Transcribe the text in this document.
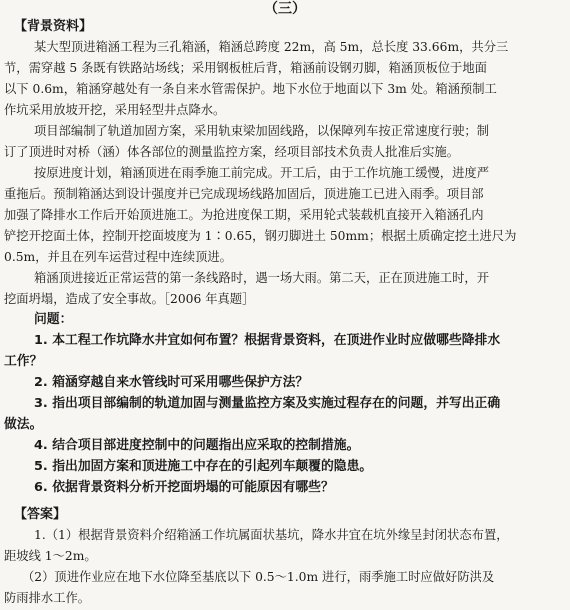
（三）
【背景资料】
某大型顶进箱涵工程为三孔箱涵，箱涵总跨度 22m，高 5m，总长度 33.66m，共分三
节，需穿越 5 条既有铁路站场线；采用钢板桩后背，箱涵前设钢刃脚，箱涵顶板位于地面
以下 0.6m，箱涵穿越处有一条自来水管需保护。地下水位于地面以下 3m 处。箱涵预制工
作坑采用放坡开挖，采用轻型井点降水。
项目部编制了轨道加固方案，采用轨束梁加固线路，以保障列车按正常速度行驶；制
订了顶进时对桥（涵）体各部位的测量监控方案，经项目部技术负责人批准后实施。
按原进度计划，箱涵顶进在雨季施工前完成。开工后，由于工作坑施工缓慢，进度严
重拖后。预制箱涵达到设计强度并已完成现场线路加固后，顶进施工已进入雨季。项目部
加强了降排水工作后开始顶进施工。为抢进度保工期，采用轮式装载机直接开入箱涵孔内
铲挖开挖面土体，控制开挖面坡度为 1∶0.65，钢刃脚进土 50mm；根据土质确定挖土进尺为
0.5m，并且在列车运营过程中连续顶进。
箱涵顶进接近正常运营的第一条线路时，遇一场大雨。第二天，正在顶进施工时，开
挖面坍塌，造成了安全事故。［2006 年真题］
问题：
1. 本工程工作坑降水井宜如何布置？根据背景资料，在顶进作业时应做哪些降排水
工作？
2. 箱涵穿越自来水管线时可采用哪些保护方法？
3. 指出项目部编制的轨道加固与测量监控方案及实施过程存在的问题，并写出正确
做法。
4. 结合项目部进度控制中的问题指出应采取的控制措施。
5. 指出加固方案和顶进施工中存在的引起列车颠覆的隐患。
6. 依据背景资料分析开挖面坍塌的可能原因有哪些？
【答案】
1.（1）根据背景资料介绍箱涵工作坑属面状基坑，降水井宜在坑外缘呈封闭状态布置，
距坡线 1～2m。
（2）顶进作业应在地下水位降至基底以下 0.5～1.0m 进行，雨季施工时应做好防洪及
防雨排水工作。
